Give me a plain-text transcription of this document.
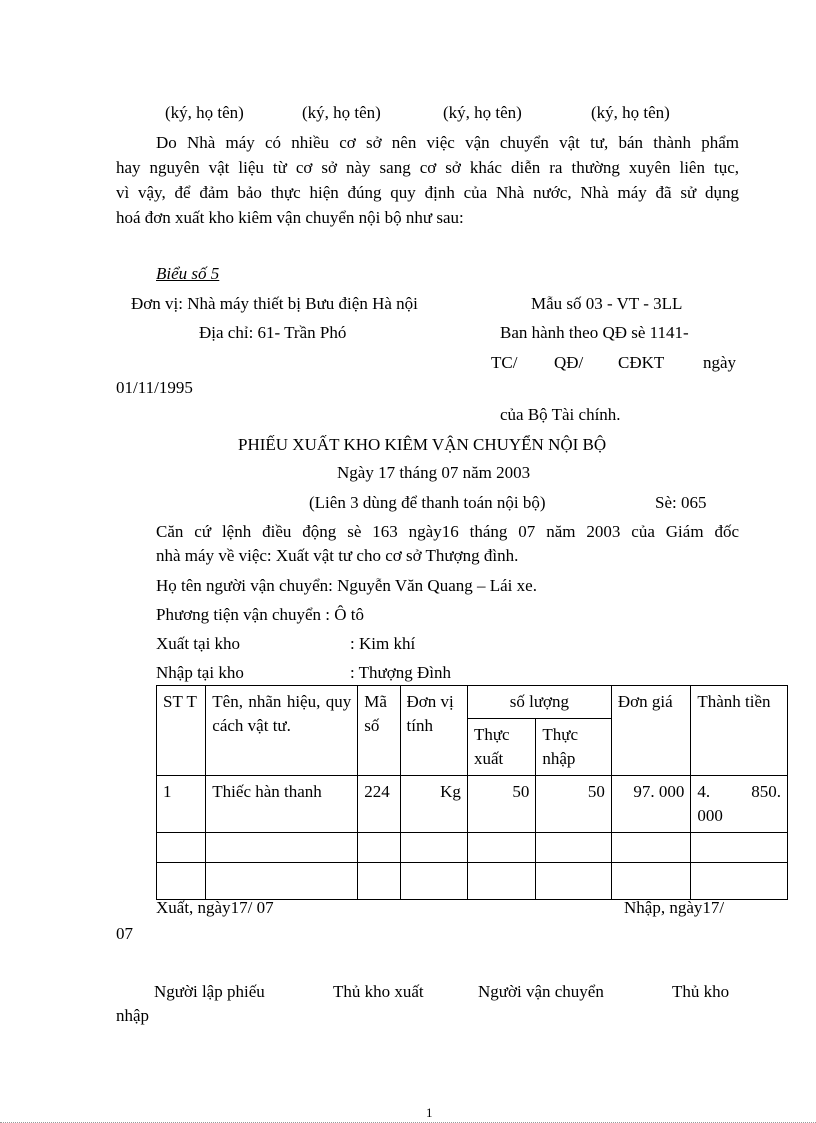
(ký, họ tên)	(ký, họ tên)	(ký, họ tên)	(ký, họ tên)
Do Nhà máy có nhiều cơ sở nên việc vận chuyển vật tư, bán thành phẩm
hay nguyên vật liệu từ cơ sở này sang cơ sở khác diễn ra thường xuyên liên tục,
vì vậy, để đảm bảo thực hiện đúng quy định của Nhà nước, Nhà máy đã sử dụng
hoá đơn xuất kho kiêm vận chuyển nội bộ như sau:
Biểu số 5
Đơn vị: Nhà máy thiết bị Bưu điện Hà nội	Mẫu số 03 - VT - 3LL
Địa chỉ: 61- Trần Phó	Ban hành theo QĐ sè 1141-
TC/ QĐ/ CĐKT ngày
01/11/1995
của Bộ Tài chính.
PHIẾU XUẤT KHO KIÊM VẬN CHUYỂN NỘI BỘ
Ngày 17 tháng 07 năm 2003
(Liên 3 dùng để thanh toán nội bộ)	Sè: 065
Căn cứ lệnh điều động sè 163 ngày16 tháng 07 năm 2003 của Giám đốc
nhà máy về việc: Xuất vật tư cho cơ sở Thượng đình.
Họ tên người vận chuyển: Nguyễn Văn Quang – Lái xe.
Phương tiện vận chuyển : Ô tô
Xuất tại kho	: Kim khí
Nhập tại kho	: Thượng Đình
ST T	Tên, nhãn hiệu, quy cách vật tư.	Mã số	Đơn vị tính	số lượng		Đơn giá	Thành tiền
				Thực xuất	Thực nhập		
1	Thiếc hàn thanh	224	Kg	50	50	97. 000	4. 850.
000

Xuất, ngày17/ 07	Nhập, ngày17/
07
Người lập phiếu	Thủ kho xuất	Người vận chuyển	Thủ kho
nhập
1
